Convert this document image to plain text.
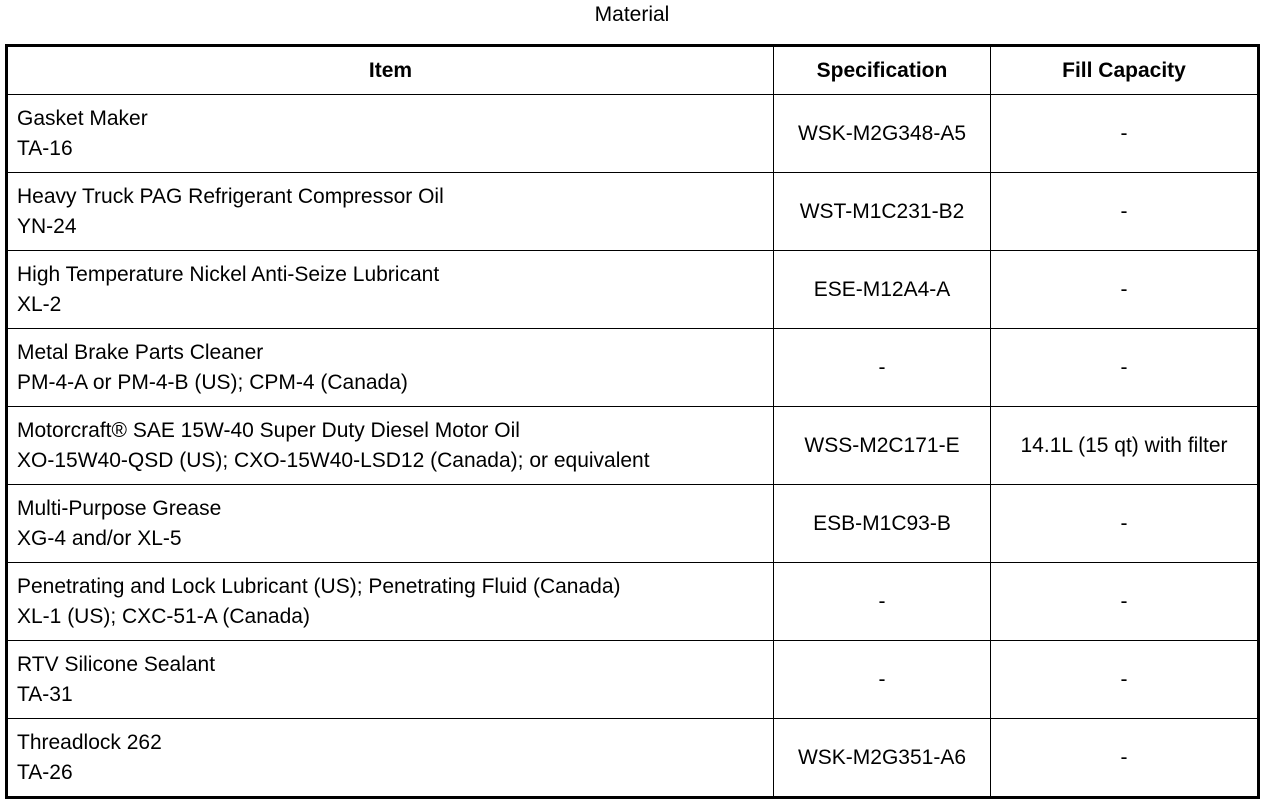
Material
Item	Specification	Fill Capacity

Gasket Maker
TA-16	WSK-M2G348-A5	-

Heavy Truck PAG Refrigerant Compressor Oil
YN-24	WST-M1C231-B2	-

High Temperature Nickel Anti-Seize Lubricant
XL-2	ESE-M12A4-A	-

Metal Brake Parts Cleaner
PM-4-A or PM-4-B (US); CPM-4 (Canada)	-	-

Motorcraft® SAE 15W-40 Super Duty Diesel Motor Oil
XO-15W40-QSD (US); CXO-15W40-LSD12 (Canada); or equivalent	WSS-M2C171-E	14.1L (15 qt) with filter

Multi-Purpose Grease
XG-4 and/or XL-5	ESB-M1C93-B	-

Penetrating and Lock Lubricant (US); Penetrating Fluid (Canada)
XL-1 (US); CXC-51-A (Canada)	-	-

RTV Silicone Sealant
TA-31	-	-

Threadlock 262
TA-26	WSK-M2G351-A6	-
